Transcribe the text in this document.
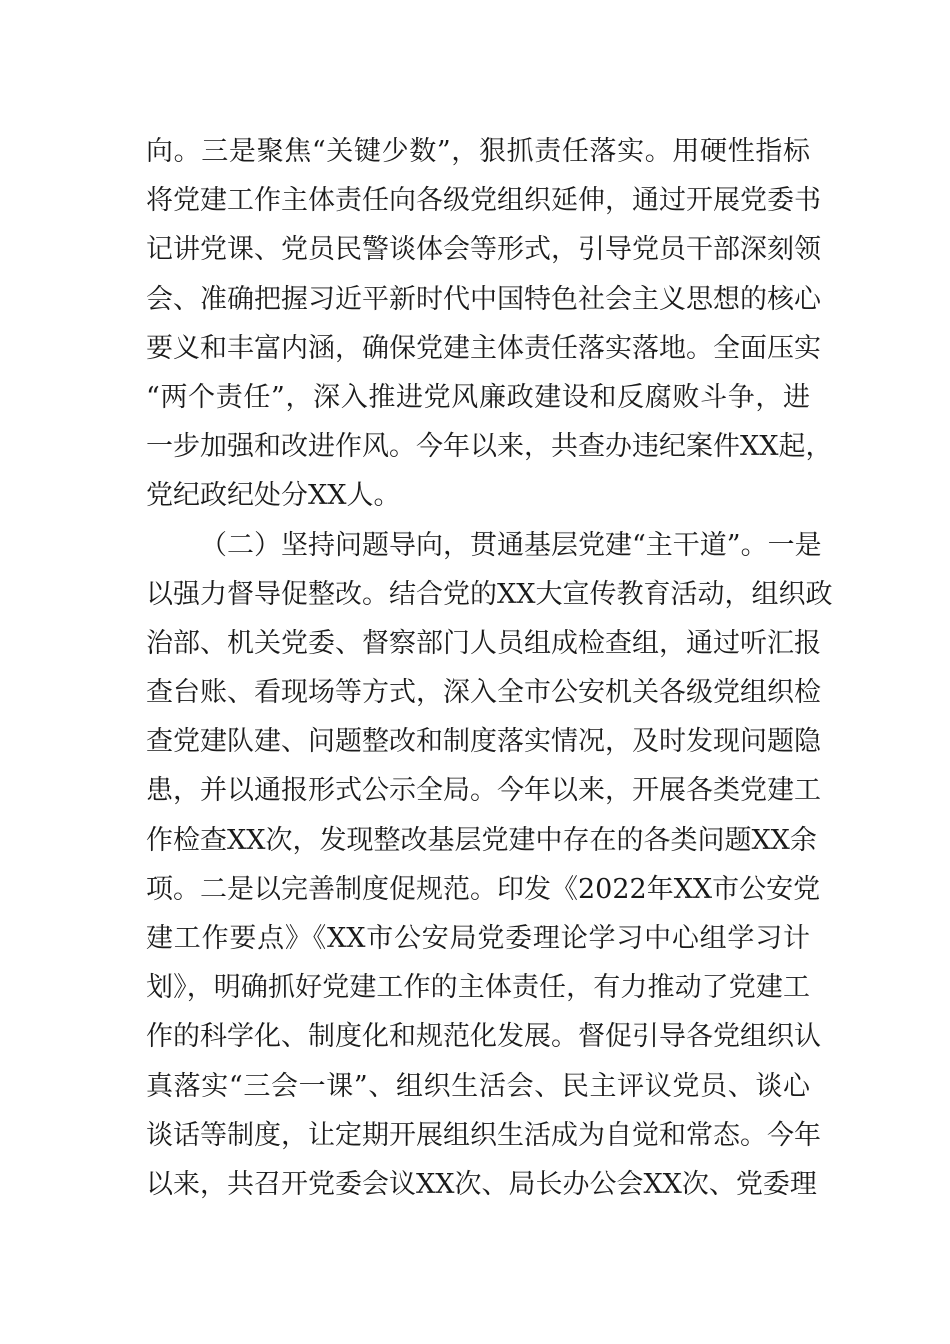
向。三是聚焦“关键少数”，狠抓责任落实。用硬性指标
将党建工作主体责任向各级党组织延伸，通过开展党委书
记讲党课、党员民警谈体会等形式，引导党员干部深刻领
会、准确把握习近平新时代中国特色社会主义思想的核心
要义和丰富内涵，确保党建主体责任落实落地。全面压实
“两个责任”，深入推进党风廉政建设和反腐败斗争，进
一步加强和改进作风。今年以来，共查办违纪案件XX起，
党纪政纪处分XX人。
（二）坚持问题导向，贯通基层党建“主干道”。一是
以强力督导促整改。结合党的XX大宣传教育活动，组织政
治部、机关党委、督察部门人员组成检查组，通过听汇报
查台账、看现场等方式，深入全市公安机关各级党组织检
查党建队建、问题整改和制度落实情况，及时发现问题隐
患，并以通报形式公示全局。今年以来，开展各类党建工
作检查XX次，发现整改基层党建中存在的各类问题XX余
项。二是以完善制度促规范。印发《2022年XX市公安党
建工作要点》《XX市公安局党委理论学习中心组学习计
划》，明确抓好党建工作的主体责任，有力推动了党建工
作的科学化、制度化和规范化发展。督促引导各党组织认
真落实“三会一课”、组织生活会、民主评议党员、谈心
谈话等制度，让定期开展组织生活成为自觉和常态。今年
以来，共召开党委会议XX次、局长办公会XX次、党委理
